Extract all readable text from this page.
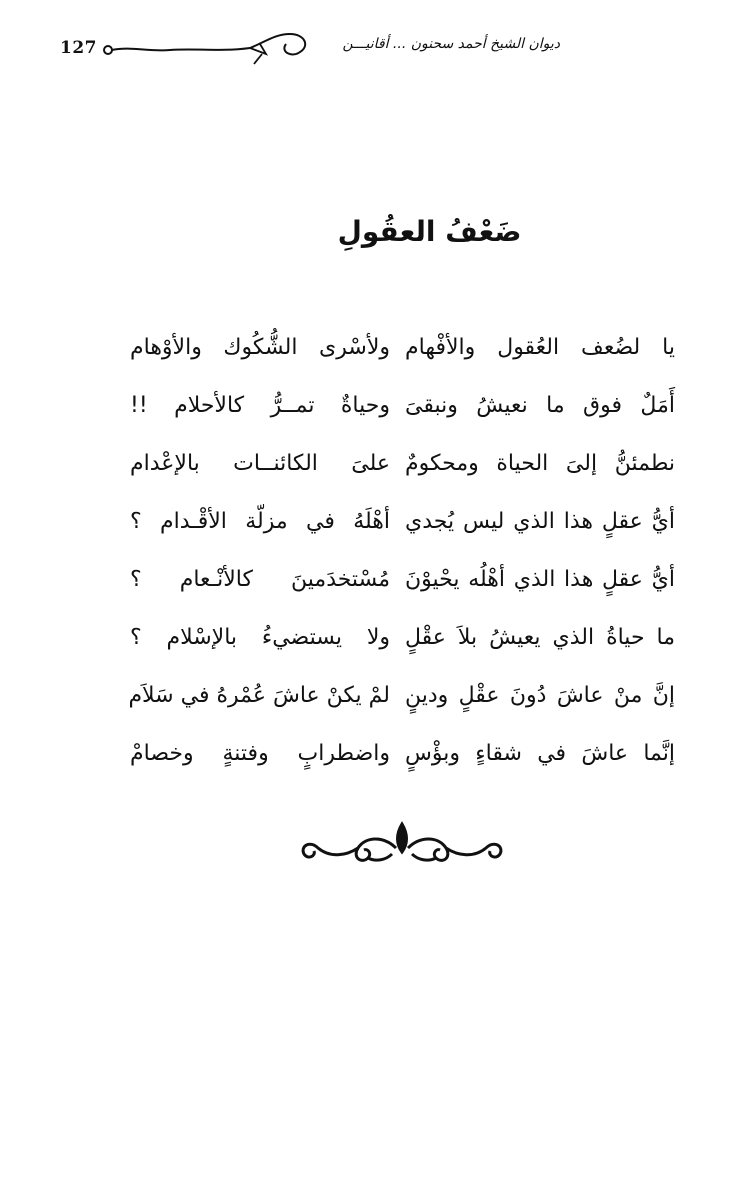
127	ديوان الشيخ أحمد سحنون ... أقانيـــن
ضَعْفُ العقُولِ
يا لضُعف العُقول والأفْهام
ولأسْرى الشُّكُوك والأوْهام
أَمَلٌ فوق ما نعيشُ ونبقىَ
وحياةٌ تمــرُّ كالأحلام !!
نطمئنُّ إلىَ الحياة ومحكومٌ
علىَ الكائنــات بالإعْدام
أيُّ عقلٍ هذا الذي ليس يُجدي
أهْلَهُ في مزلّة الأقْـدام ؟
أيُّ عقلٍ هذا الذي أهْلُه يحْيوْنَ
مُسْتخدَمينَ كالأنْـعام ؟
ما حياةُ الذي يعيشُ بلاَ عقْلٍ
ولا يستضيءُ بالإسْلام ؟
إنَّ منْ عاشَ دُونَ عقْلٍ ودينٍ
لمْ يكنْ عاشَ عُمْرهُ في سَلاَم
إنَّما عاشَ في شقاءٍ وبؤْسٍ
واضطرابٍ وفتنةٍ وخصامْ
